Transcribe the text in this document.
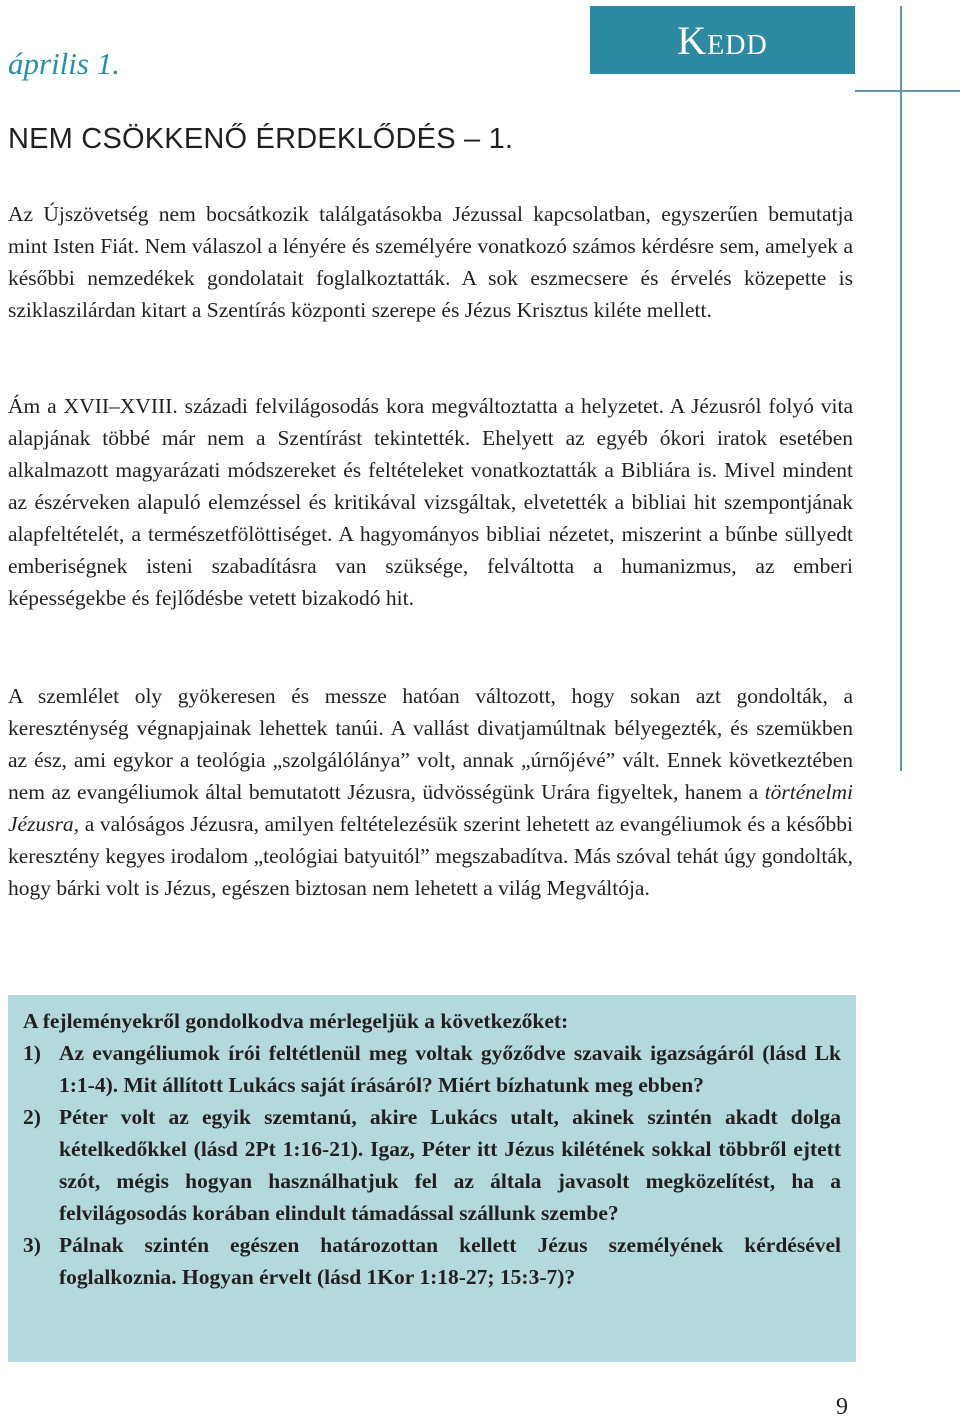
április 1.

Kedd
NEM CSÖKKENŐ ÉRDEKLŐDÉS – 1.

Az Újszövetség nem bocsátkozik találgatásokba Jézussal kapcsolatban, egyszerűen bemutatja mint Isten Fiát. Nem válaszol a lényére és személyére vonatkozó számos kérdésre sem, amelyek a későbbi nemzedékek gondolatait foglalkoztatták. A sok eszmecsere és érvelés közepette is sziklaszilárdan kitart a Szentírás központi szerepe és Jézus Krisztus kiléte mellett.

Ám a XVII–XVIII. századi felvilágosodás kora megváltoztatta a helyzetet. A Jézusról folyó vita alapjának többé már nem a Szentírást tekintették. Ehelyett az egyéb ókori iratok esetében alkalmazott magyarázati módszereket és feltételeket vonatkoztatták a Bibliára is. Mivel mindent az észérveken alapuló elemzéssel és kritikával vizsgáltak, elvetették a bibliai hit szempontjának alapfeltételét, a természetfölöttiséget. A hagyományos bibliai nézetet, miszerint a bűnbe süllyedt emberiségnek isteni szabadításra van szüksége, felváltotta a humanizmus, az emberi képességekbe és fejlődésbe vetett bizakodó hit.

A szemlélet oly gyökeresen és messze hatóan változott, hogy sokan azt gondolták, a kereszténység végnapjainak lehettek tanúi. A vallást divatjamúltnak bélyegezték, és szemükben az ész, ami egykor a teológia „szolgálólánya” volt, annak „úrnőjévé” vált. Ennek következtében nem az evangéliumok által bemutatott Jézusra, üdvösségünk Urára figyeltek, hanem a történelmi Jézusra, a valóságos Jézusra, amilyen feltételezésük szerint lehetett az evangéliumok és a későbbi keresztény kegyes irodalom „teológiai batyuitól” megszabadítva. Más szóval tehát úgy gondolták, hogy bárki volt is Jézus, egészen biztosan nem lehetett a világ Megváltója.

A fejleményekről gondolkodva mérlegeljük a következőket:

1) Az evangéliumok írói feltétlenül meg voltak győződve szavaik igazságáról (lásd Lk 1:1-4). Mit állított Lukács saját írásáról? Miért bízhatunk meg ebben?
2) Péter volt az egyik szemtanú, akire Lukács utalt, akinek szintén akadt dolga kételkedőkkel (lásd 2Pt 1:16-21). Igaz, Péter itt Jézus kilétének sokkal többről ejtett szót, mégis hogyan használhatjuk fel az általa javasolt megközelítést, ha a felvilágosodás korában elindult támadással szállunk szembe?
3) Pálnak szintén egészen határozottan kellett Jézus személyének kérdésével foglalkoznia. Hogyan érvelt (lásd 1Kor 1:18-27; 15:3-7)?

9
